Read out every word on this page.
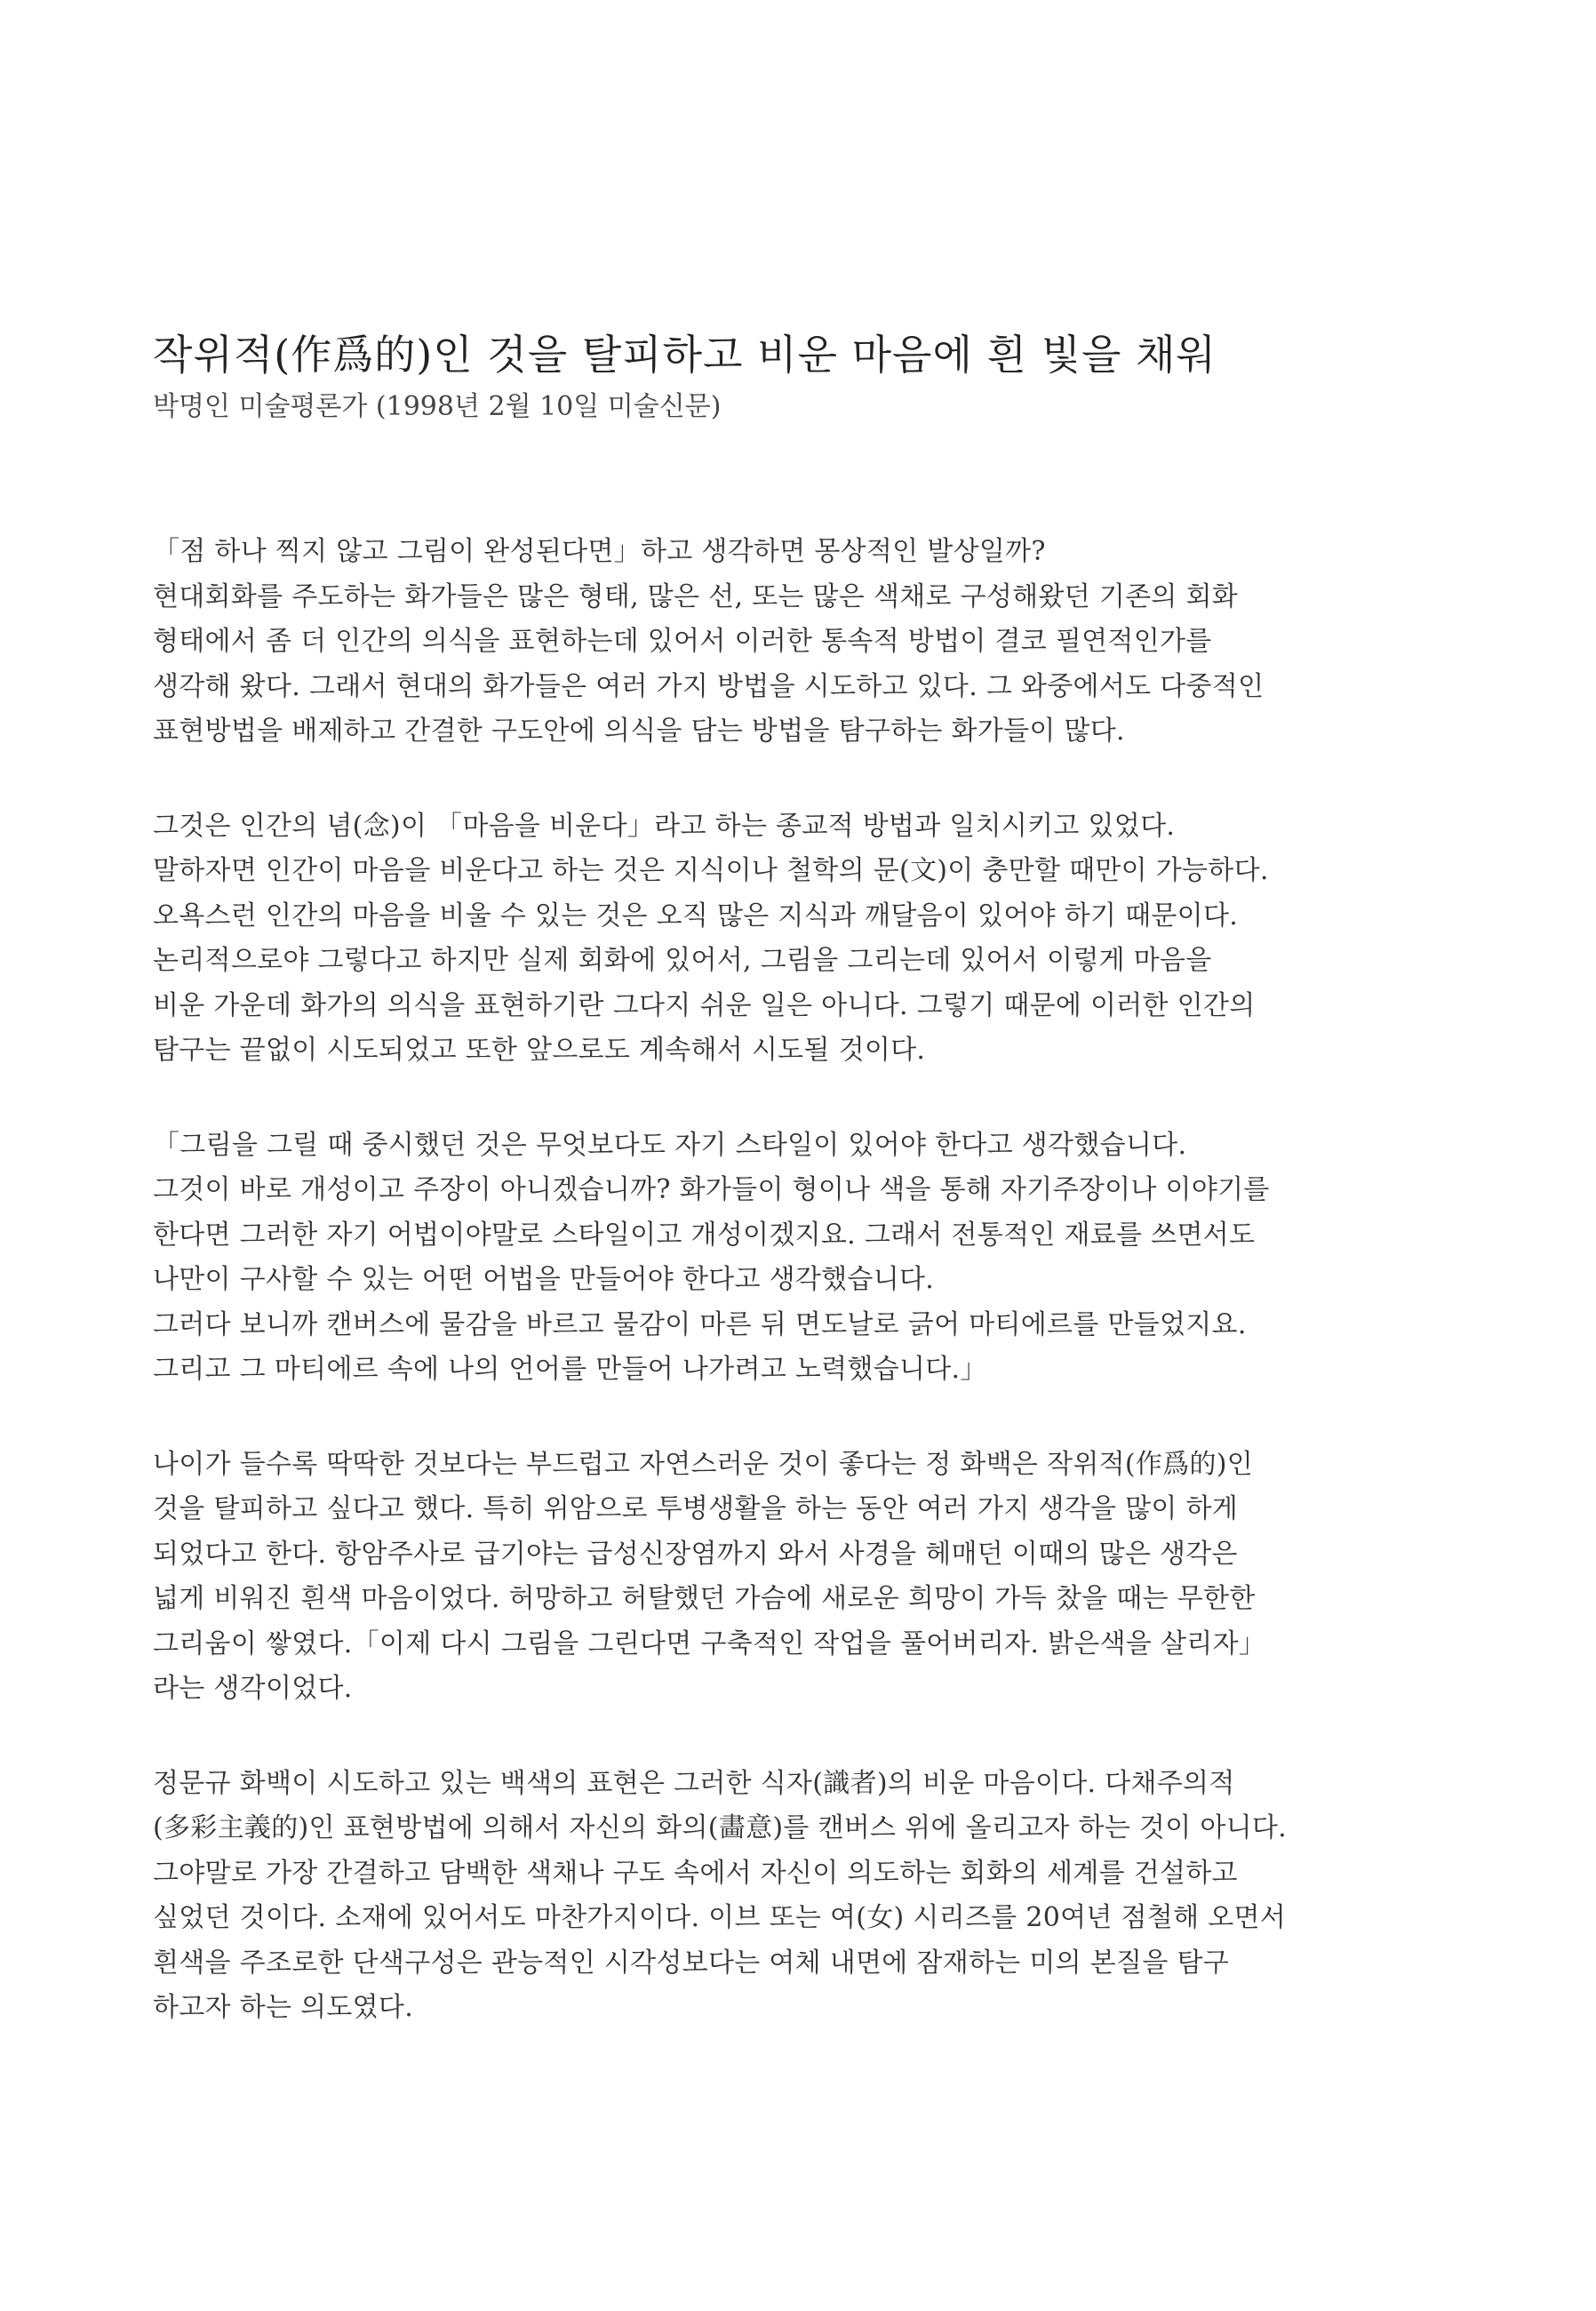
작위적(作爲的)인 것을 탈피하고 비운 마음에 흰 빛을 채워
박명인 미술평론가 (1998년 2월 10일 미술신문)
「점 하나 찍지 않고 그림이 완성된다면」하고 생각하면 몽상적인 발상일까?
현대회화를 주도하는 화가들은 많은 형태, 많은 선, 또는 많은 색채로 구성해왔던 기존의 회화
형태에서 좀 더 인간의 의식을 표현하는데 있어서 이러한 통속적 방법이 결코 필연적인가를
생각해 왔다. 그래서 현대의 화가들은 여러 가지 방법을 시도하고 있다. 그 와중에서도 다중적인
표현방법을 배제하고 간결한 구도안에 의식을 담는 방법을 탐구하는 화가들이 많다.
그것은 인간의 념(念)이 「마음을 비운다」라고 하는 종교적 방법과 일치시키고 있었다.
말하자면 인간이 마음을 비운다고 하는 것은 지식이나 철학의 문(文)이 충만할 때만이 가능하다.
오욕스런 인간의 마음을 비울 수 있는 것은 오직 많은 지식과 깨달음이 있어야 하기 때문이다.
논리적으로야 그렇다고 하지만 실제 회화에 있어서, 그림을 그리는데 있어서 이렇게 마음을
비운 가운데 화가의 의식을 표현하기란 그다지 쉬운 일은 아니다. 그렇기 때문에 이러한 인간의
탐구는 끝없이 시도되었고 또한 앞으로도 계속해서 시도될 것이다.
「그림을 그릴 때 중시했던 것은 무엇보다도 자기 스타일이 있어야 한다고 생각했습니다.
그것이 바로 개성이고 주장이 아니겠습니까? 화가들이 형이나 색을 통해 자기주장이나 이야기를
한다면 그러한 자기 어법이야말로 스타일이고 개성이겠지요. 그래서 전통적인 재료를 쓰면서도
나만이 구사할 수 있는 어떤 어법을 만들어야 한다고 생각했습니다.
그러다 보니까 캔버스에 물감을 바르고 물감이 마른 뒤 면도날로 긁어 마티에르를 만들었지요.
그리고 그 마티에르 속에 나의 언어를 만들어 나가려고 노력했습니다.」
나이가 들수록 딱딱한 것보다는 부드럽고 자연스러운 것이 좋다는 정 화백은 작위적(作爲的)인
것을 탈피하고 싶다고 했다. 특히 위암으로 투병생활을 하는 동안 여러 가지 생각을 많이 하게
되었다고 한다. 항암주사로 급기야는 급성신장염까지 와서 사경을 헤매던 이때의 많은 생각은
넓게 비워진 흰색 마음이었다. 허망하고 허탈했던 가슴에 새로운 희망이 가득 찼을 때는 무한한
그리움이 쌓였다.「이제 다시 그림을 그린다면 구축적인 작업을 풀어버리자. 밝은색을 살리자」
라는 생각이었다.
정문규 화백이 시도하고 있는 백색의 표현은 그러한 식자(識者)의 비운 마음이다. 다채주의적
(多彩主義的)인 표현방법에 의해서 자신의 화의(畵意)를 캔버스 위에 올리고자 하는 것이 아니다.
그야말로 가장 간결하고 담백한 색채나 구도 속에서 자신이 의도하는 회화의 세계를 건설하고
싶었던 것이다. 소재에 있어서도 마찬가지이다. 이브 또는 여(女) 시리즈를 20여년 점철해 오면서
흰색을 주조로한 단색구성은 관능적인 시각성보다는 여체 내면에 잠재하는 미의 본질을 탐구
하고자 하는 의도였다.
